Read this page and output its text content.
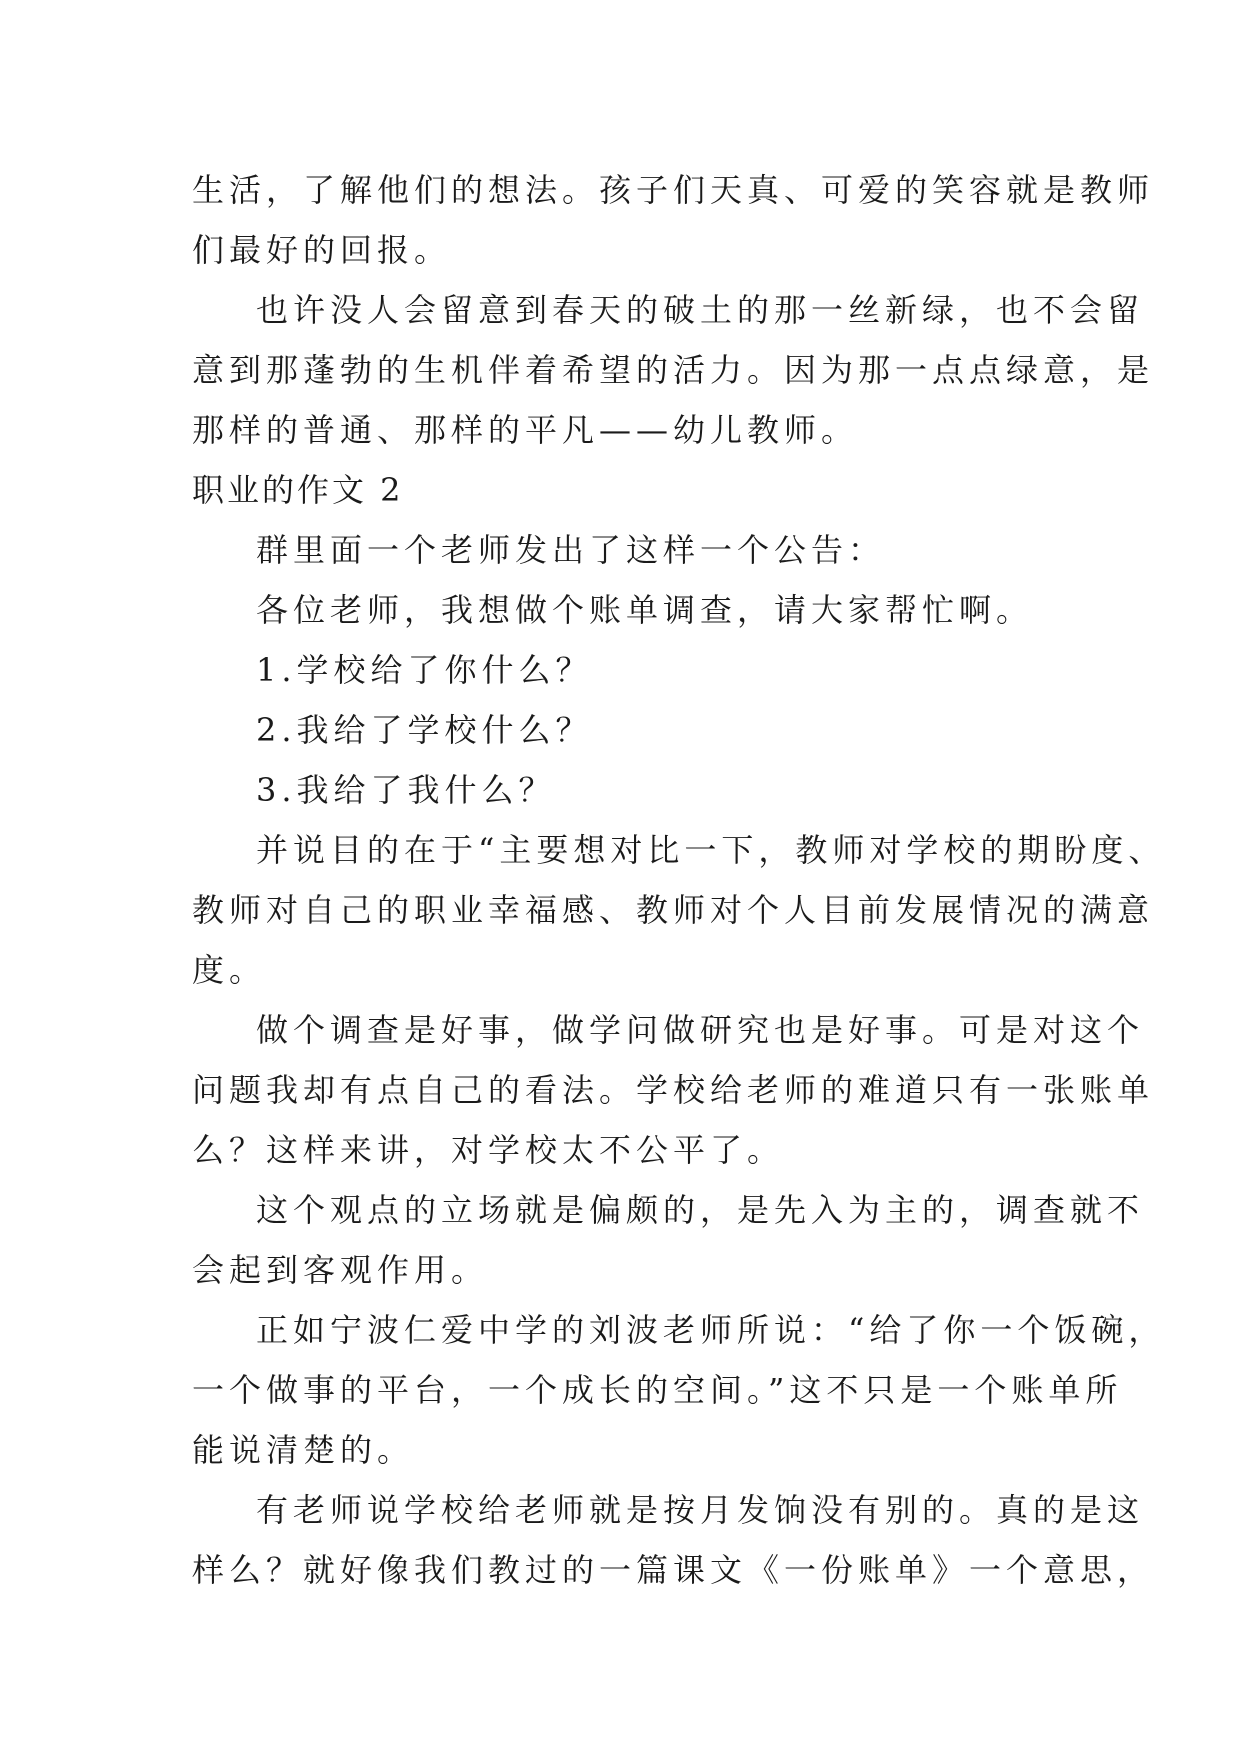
生活，了解他们的想法。孩子们天真、可爱的笑容就是教师
们最好的回报。
也许没人会留意到春天的破土的那一丝新绿，也不会留
意到那蓬勃的生机伴着希望的活力。因为那一点点绿意，是
那样的普通、那样的平凡——幼儿教师。
职业的作文 2
群里面一个老师发出了这样一个公告：
各位老师，我想做个账单调查，请大家帮忙啊。
1.学校给了你什么？
2.我给了学校什么？
3.我给了我什么？
并说目的在于“主要想对比一下，教师对学校的期盼度、
教师对自己的职业幸福感、教师对个人目前发展情况的满意
度。
做个调查是好事，做学问做研究也是好事。可是对这个
问题我却有点自己的看法。学校给老师的难道只有一张账单
么？这样来讲，对学校太不公平了。
这个观点的立场就是偏颇的，是先入为主的，调查就不
会起到客观作用。
正如宁波仁爱中学的刘波老师所说：“给了你一个饭碗，
一个做事的平台，一个成长的空间。”这不只是一个账单所
能说清楚的。
有老师说学校给老师就是按月发饷没有别的。真的是这
样么？就好像我们教过的一篇课文《一份账单》一个意思，
